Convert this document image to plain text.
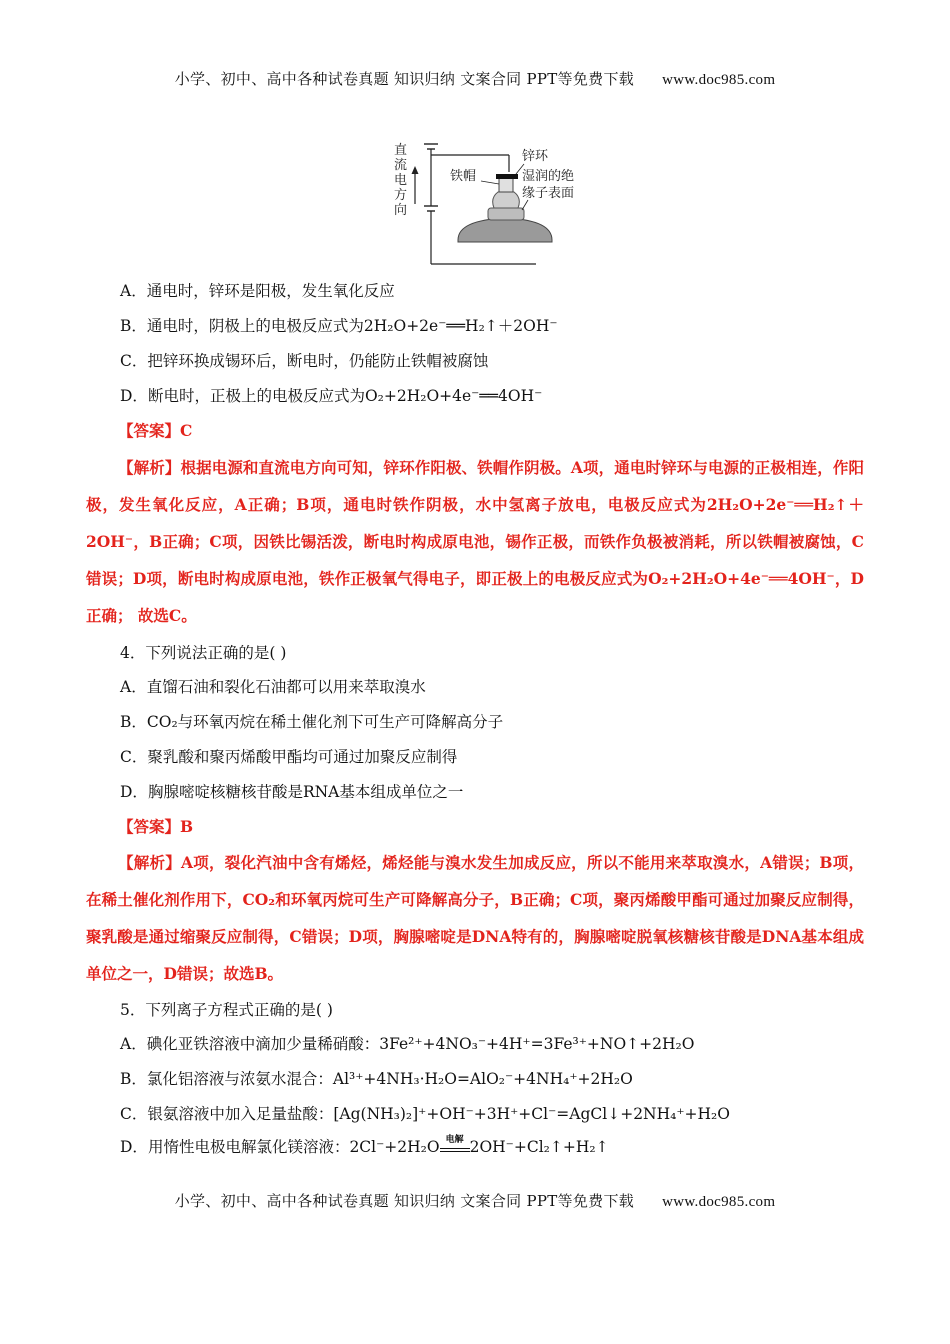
小学、初中、高中各种试卷真题 知识归纳 文案合同 PPT等免费下载 www.doc985.com
直
流
电
方
向
铁帽
锌环
湿润的绝
缘子表面
A．通电时，锌环是阳极，发生氧化反应
B．通电时，阴极上的电极反应式为2H₂O+2e⁻══H₂↑＋2OH⁻
C．把锌环换成锡环后，断电时，仍能防止铁帽被腐蚀
D．断电时，正极上的电极反应式为O₂+2H₂O+4e⁻══4OH⁻
【答案】C
【解析】根据电源和直流电方向可知，锌环作阳极、铁帽作阴极。A项，通电时锌环与电源的正极相连，作阳极，发生氧化反应，A正确；B项，通电时铁作阴极，水中氢离子放电，电极反应式为2H₂O+2e⁻══H₂↑＋2OH⁻，B正确；C项，因铁比锡活泼，断电时构成原电池，锡作正极，而铁作负极被消耗，所以铁帽被腐蚀，C错误；D项，断电时构成原电池，铁作正极氧气得电子，即正极上的电极反应式为O₂+2H₂O+4e⁻══4OH⁻，D正确； 故选C。
4．下列说法正确的是( )
A．直馏石油和裂化石油都可以用来萃取溴水
B．CO₂与环氧丙烷在稀土催化剂下可生产可降解高分子
C．聚乳酸和聚丙烯酸甲酯均可通过加聚反应制得
D．胸腺嘧啶核糖核苷酸是RNA基本组成单位之一
【答案】B
【解析】A项，裂化汽油中含有烯烃，烯烃能与溴水发生加成反应，所以不能用来萃取溴水，A错误；B项，在稀土催化剂作用下，CO₂和环氧丙烷可生产可降解高分子，B正确；C项，聚丙烯酸甲酯可通过加聚反应制得，聚乳酸是通过缩聚反应制得，C错误；D项，胸腺嘧啶是DNA特有的，胸腺嘧啶脱氧核糖核苷酸是DNA基本组成单位之一，D错误；故选B。
5．下列离子方程式正确的是( )
A．碘化亚铁溶液中滴加少量稀硝酸：3Fe²⁺+4NO₃⁻+4H⁺=3Fe³⁺+NO↑+2H₂O
B．氯化铝溶液与浓氨水混合：Al³⁺+4NH₃·H₂O=AlO₂⁻+4NH₄⁺+2H₂O
C．银氨溶液中加入足量盐酸：[Ag(NH₃)₂]⁺+OH⁻+3H⁺+Cl⁻=AgCl↓+2NH₄⁺+H₂O
D．用惰性电极电解氯化镁溶液：2Cl⁻+2H₂O 电解 2OH⁻+Cl₂↑+H₂↑
小学、初中、高中各种试卷真题 知识归纳 文案合同 PPT等免费下载 www.doc985.com
